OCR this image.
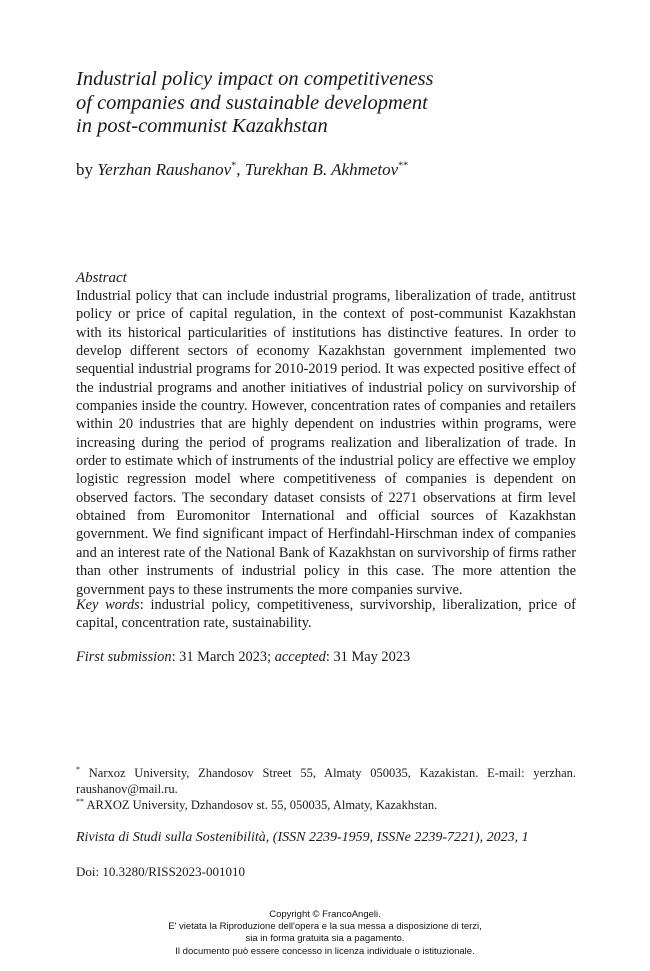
Industrial policy impact on competitiveness
of companies and sustainable development
in post-communist Kazakhstan
by Yerzhan Raushanov*, Turekhan B. Akhmetov**
Abstract
Industrial policy that can include industrial programs, liberalization of trade, antitrust policy or price of capital regulation, in the context of post-communist Kazakhstan with its historical particularities of institutions has distinctive features. In order to develop different sectors of economy Kazakhstan government implemented two sequential industrial programs for 2010-2019 period. It was expected positive effect of the industrial programs and another initiatives of industrial policy on survivorship of companies inside the country. However, concentration rates of companies and retailers within 20 industries that are highly dependent on industries within programs, were increasing during the period of programs realization and liberalization of trade. In order to estimate which of instruments of the industrial policy are effective we employ logistic regression model where competitiveness of companies is dependent on observed factors. The secondary dataset consists of 2271 observations at firm level obtained from Euromonitor International and official sources of Kazakhstan government. We find significant impact of Herfindahl-Hirschman index of companies and an interest rate of the National Bank of Kazakhstan on survivorship of firms rather than other instruments of industrial policy in this case. The more attention the government pays to these instruments the more companies survive.
Key words: industrial policy, competitiveness, survivorship, liberalization, price of capital, concentration rate, sustainability.
First submission: 31 March 2023; accepted: 31 May 2023
* Narxoz University, Zhandosov Street 55, Almaty 050035, Kazakistan. E-mail: yerzhan.​raushanov@mail.ru.
** ARXOZ University, Dzhandosov st. 55, 050035, Almaty, Kazakhstan.
Rivista di Studi sulla Sostenibilità, (ISSN 2239-1959, ISSNe 2239-7221), 2023, 1
Doi: 10.3280/RISS2023-001010
Copyright © FrancoAngeli.
E' vietata la Riproduzione dell'opera e la sua messa a disposizione di terzi,
sia in forma gratuita sia a pagamento.
Il documento può essere concesso in licenza individuale o istituzionale.
